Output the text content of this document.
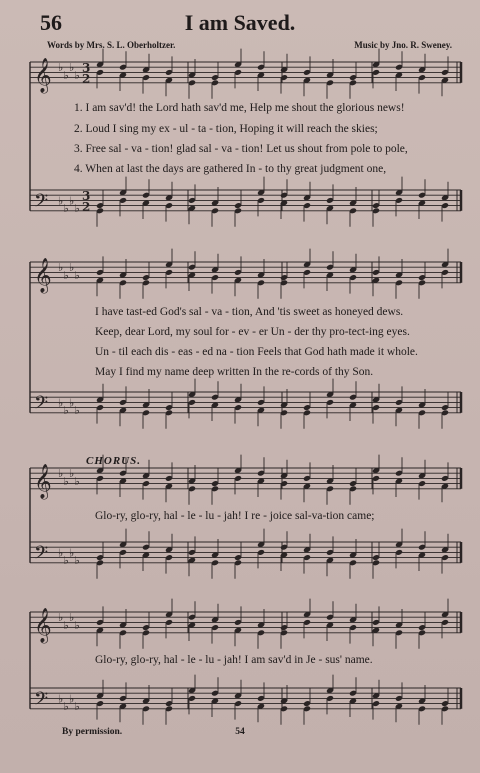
56	I am Saved.
Words by Mrs. S. L. Oberholtzer.	Music by Jno. R. Sweney.
𝄞 ♭
♭
♭
♭
𝄢 ♭
♭
♭
♭
3
2
3
2
𝄞 ♭
♭
♭
♭
𝄢 ♭
♭
♭
♭
𝄞 ♭
♭
♭
♭
𝄢 ♭
♭
♭
♭
𝄞 ♭
♭
♭
♭
𝄢 ♭
♭
♭
♭
1. I am sav'd! the Lord hath sav'd me, Help me shout the glorious news!
2. Loud I sing my ex - ul - ta - tion, Hoping it will reach the skies;
3. Free sal - va - tion! glad sal - va - tion! Let us shout from pole to pole,
4. When at last the days are gathered In - to thy great judgment one,
I have tast-ed God's sal - va - tion, And 'tis sweet as honeyed dews.
Keep, dear Lord, my soul for - ev - er Un - der thy pro-tect-ing eyes.
Un - til each dis - eas - ed na - tion Feels that God hath made it whole.
May I find my name deep written In the re-cords of thy Son.
CHORUS.
Glo-ry, glo-ry, hal - le - lu - jah! I re - joice sal-va-tion came;
Glo-ry, glo-ry, hal - le - lu - jah! I am sav'd in Je - sus' name.
By permission.	54
